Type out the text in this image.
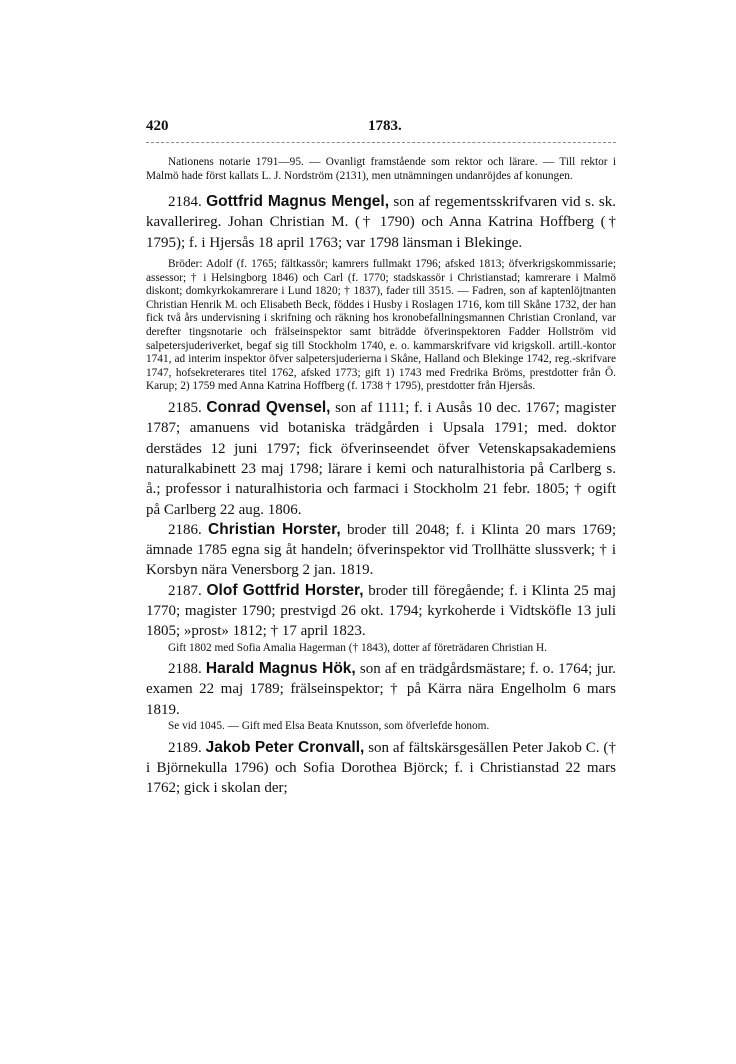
420	1783.

Nationens notarie 1791—95. — Ovanligt framstående som rektor och lärare. — Till rektor i Malmö hade först kallats L. J. Nordström (2131), men utnämningen undanröjdes af konungen.

2184. Gottfrid Magnus Mengel, son af regementsskrifvaren vid s. sk. kavallerireg. Johan Christian M. († 1790) och Anna Katrina Hoffberg († 1795); f. i Hjersås 18 april 1763; var 1798 länsman i Blekinge.

Bröder: Adolf (f. 1765; fältkassör; kamrers fullmakt 1796; afsked 1813; öfverkrigskommissarie; assessor; † i Helsingborg 1846) och Carl (f. 1770; stadskassör i Christianstad; kamrerare i Malmö diskont; domkyrkokamrerare i Lund 1820; † 1837), fader till 3515. — Fadren, son af kaptenlöjtnanten Christian Henrik M. och Elisabeth Beck, föddes i Husby i Roslagen 1716, kom till Skåne 1732, der han fick två års undervisning i skrifning och räkning hos kronobefallningsmannen Christian Cronland, var derefter tingsnotarie och frälseinspektor samt biträdde öfverinspektoren Fadder Hollström vid salpetersjuderiverket, begaf sig till Stockholm 1740, e. o. kammarskrifvare vid krigskoll. artill.-kontor 1741, ad interim inspektor öfver salpetersjuderierna i Skåne, Halland och Blekinge 1742, reg.-skrifvare 1747, hofsekreterares titel 1762, afsked 1773; gift 1) 1743 med Fredrika Bröms, prestdotter från Ö. Karup; 2) 1759 med Anna Katrina Hoffberg (f. 1738 † 1795), prestdotter från Hjersås.

2185. Conrad Qvensel, son af 1111; f. i Ausås 10 dec. 1767; magister 1787; amanuens vid botaniska trädgården i Upsala 1791; med. doktor derstädes 12 juni 1797; fick öfverinseendet öfver Vetenskapsakademiens naturalkabinett 23 maj 1798; lärare i kemi och naturalhistoria på Carlberg s. å.; professor i naturalhistoria och farmaci i Stockholm 21 febr. 1805; † ogift på Carlberg 22 aug. 1806.

2186. Christian Horster, broder till 2048; f. i Klinta 20 mars 1769; ämnade 1785 egna sig åt handeln; öfverinspektor vid Trollhätte slussverk; † i Korsbyn nära Venersborg 2 jan. 1819.

2187. Olof Gottfrid Horster, broder till föregående; f. i Klinta 25 maj 1770; magister 1790; prestvigd 26 okt. 1794; kyrkoherde i Vidtsköfle 13 juli 1805; »prost» 1812; † 17 april 1823.

Gift 1802 med Sofia Amalia Hagerman († 1843), dotter af företrädaren Christian H.

2188. Harald Magnus Hök, son af en trädgårdsmästare; f. o. 1764; jur. examen 22 maj 1789; frälseinspektor; † på Kärra nära Engelholm 6 mars 1819.

Se vid 1045. — Gift med Elsa Beata Knutsson, som öfverlefde honom.

2189. Jakob Peter Cronvall, son af fältskärsgesällen Peter Jakob C. († i Björnekulla 1796) och Sofia Dorothea Björck; f. i Christianstad 22 mars 1762; gick i skolan der;
